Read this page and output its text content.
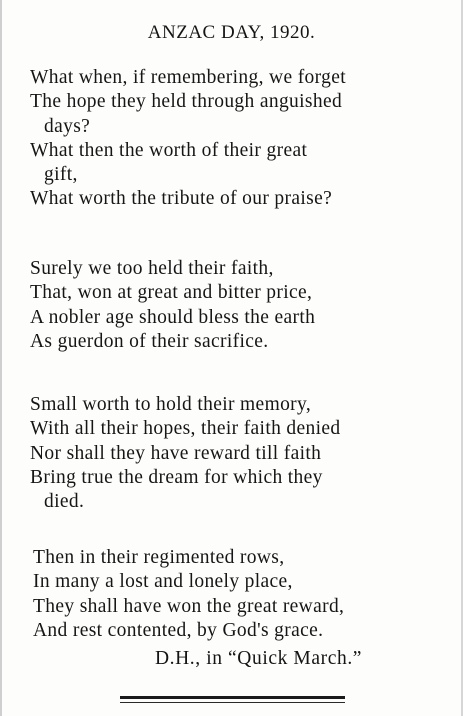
ANZAC DAY, 1920.
What when, if remembering, we forget
The hope they held through anguished
days?
What then the worth of their great
gift,
What worth the tribute of our praise?
Surely we too held their faith,
That, won at great and bitter price,
A nobler age should bless the earth
As guerdon of their sacrifice.
Small worth to hold their memory,
With all their hopes, their faith denied
Nor shall they have reward till faith
Bring true the dream for which they
died.
Then in their regimented rows,
In many a lost and lonely place,
They shall have won the great reward,
And rest contented, by God's grace.
D.H., in “Quick March.”
